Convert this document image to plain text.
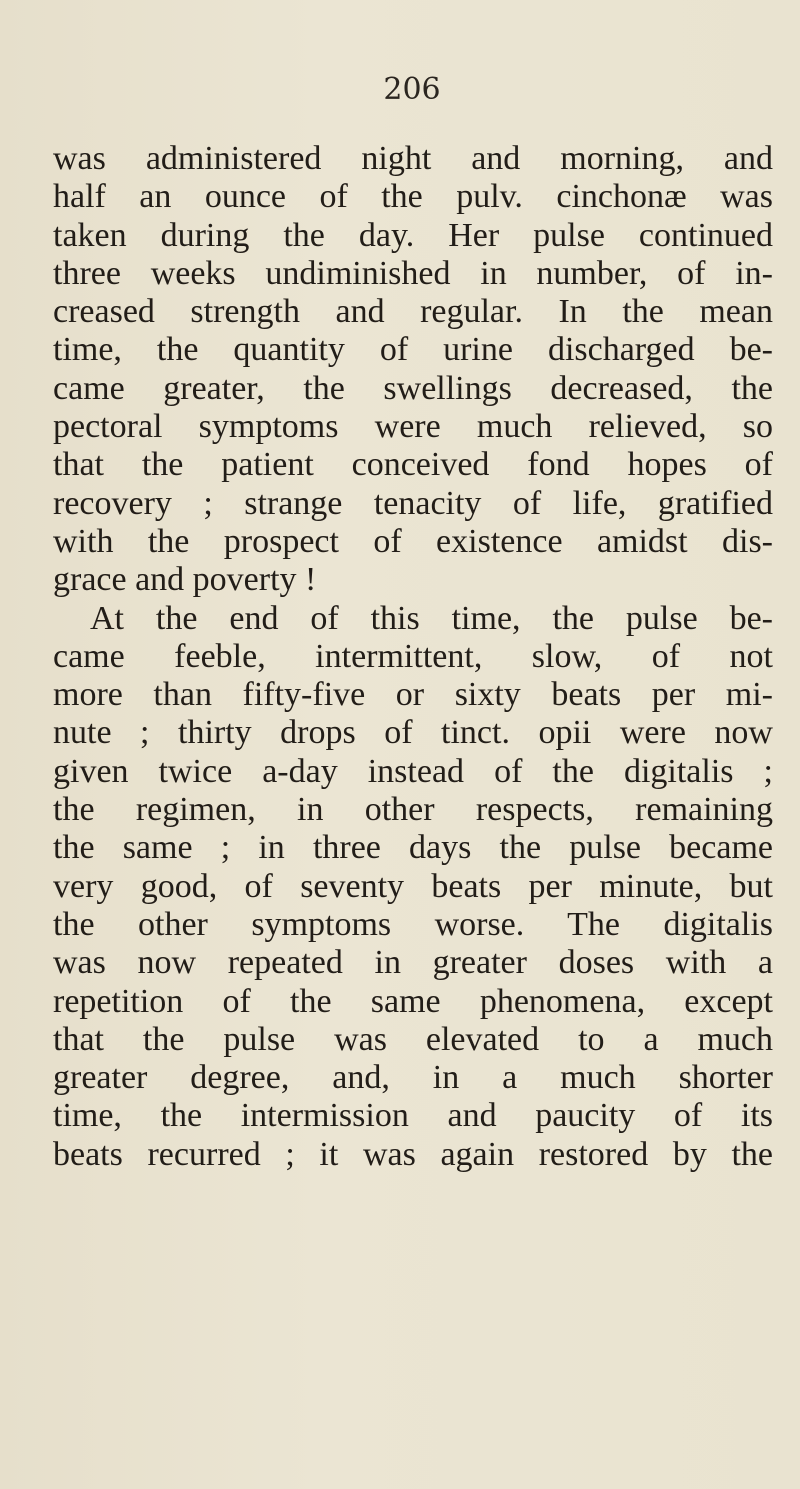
206
was administered night and morning, and
half an ounce of the pulv. cinchonæ was
taken during the day. Her pulse continued
three weeks undiminished in number, of in-
creased strength and regular. In the mean
time, the quantity of urine discharged be-
came greater, the swellings decreased, the
pectoral symptoms were much relieved, so
that the patient conceived fond hopes of
recovery ; strange tenacity of life, gratified
with the prospect of existence amidst dis-
grace and poverty !
At the end of this time, the pulse be-
came feeble, intermittent, slow, of not
more than fifty-five or sixty beats per mi-
nute ; thirty drops of tinct. opii were now
given twice a-day instead of the digitalis ;
the regimen, in other respects, remaining
the same ; in three days the pulse became
very good, of seventy beats per minute, but
the other symptoms worse. The digitalis
was now repeated in greater doses with a
repetition of the same phenomena, except
that the pulse was elevated to a much
greater degree, and, in a much shorter
time, the intermission and paucity of its
beats recurred ; it was again restored by the
